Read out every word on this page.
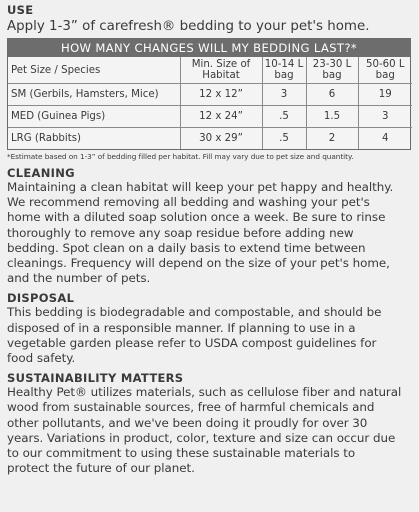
USE

Apply 1-3” of carefresh® bedding to your pet's home.

HOW MANY CHANGES WILL MY BEDDING LAST?*
Pet Size / Species	Min. Size of Habitat	10-14 L bag	23-30 L bag	50-60 L bag
SM (Gerbils, Hamsters, Mice)	12 x 12”	3	6	19
MED (Guinea Pigs)	12 x 24”	.5	1.5	3
LRG (Rabbits)	30 x 29”	.5	2	4

*Estimate based on 1-3” of bedding filled per habitat. Fill may vary due to pet size and quantity.

CLEANING

Maintaining a clean habitat will keep your pet happy and healthy.
We recommend removing all bedding and washing your pet's
home with a diluted soap solution once a week. Be sure to rinse
thoroughly to remove any soap residue before adding new
bedding. Spot clean on a daily basis to extend time between
cleanings. Frequency will depend on the size of your pet's home,
and the number of pets.

DISPOSAL

This bedding is biodegradable and compostable, and should be
disposed of in a responsible manner. If planning to use in a
vegetable garden please refer to USDA compost guidelines for
food safety.

SUSTAINABILITY MATTERS

Healthy Pet® utilizes materials, such as cellulose fiber and natural
wood from sustainable sources, free of harmful chemicals and
other pollutants, and we've been doing it proudly for over 30
years. Variations in product, color, texture and size can occur due
to our commitment to using these sustainable materials to
protect the future of our planet.
